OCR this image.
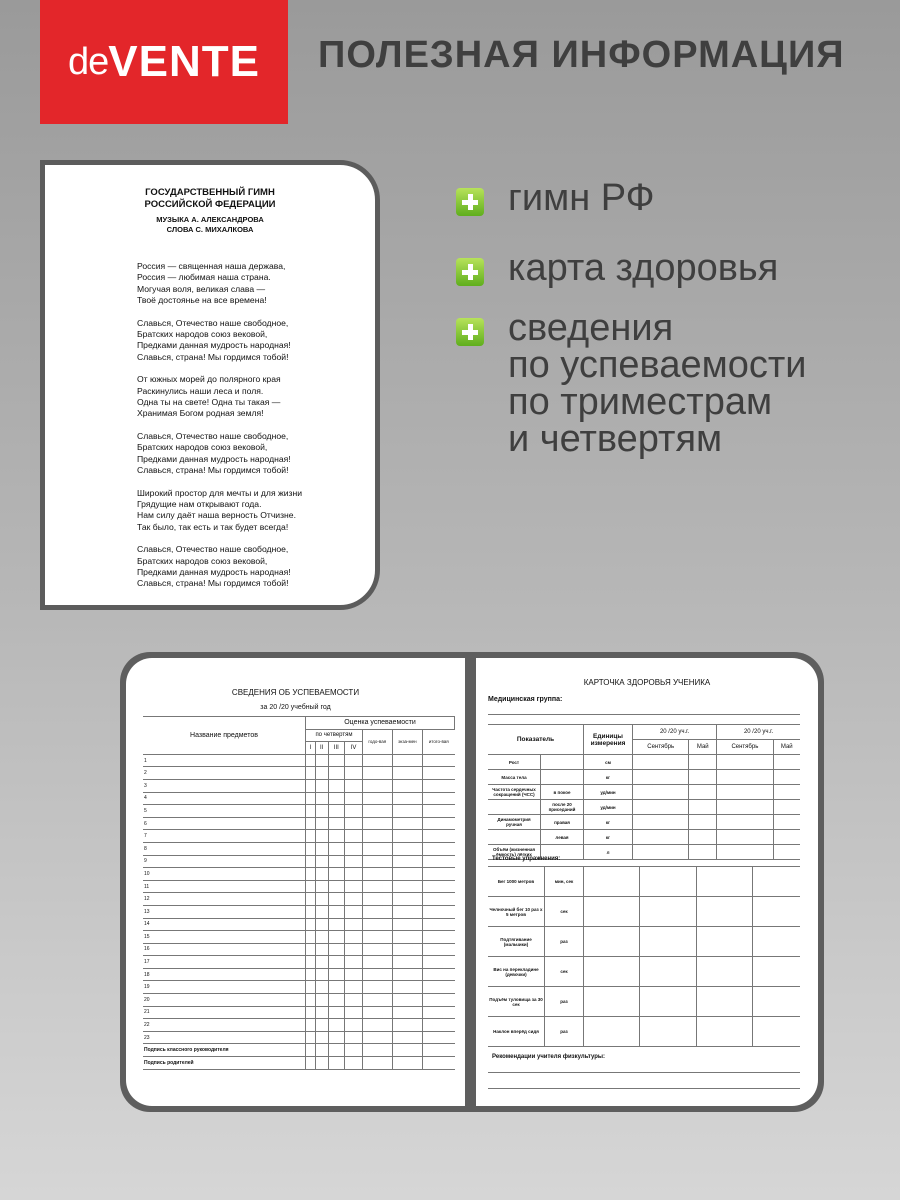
de VENTE ПОЛЕЗНАЯ ИНФОРМАЦИЯ
ГОСУДАРСТВЕННЫЙ ГИМН
РОССИЙСКОЙ ФЕДЕРАЦИИ
МУЗЫКА А. АЛЕКСАНДРОВА
СЛОВА С. МИХАЛКОВА
Россия — священная наша держава,
Россия — любимая наша страна.
Могучая воля, великая слава —
Твоё достоянье на все времена!
Славься, Отечество наше свободное,
Братских народов союз вековой,
Предками данная мудрость народная!
Славься, страна! Мы гордимся тобой!
От южных морей до полярного края
Раскинулись наши леса и поля.
Одна ты на свете! Одна ты такая —
Хранимая Богом родная земля!
Славься, Отечество наше свободное,
Братских народов союз вековой,
Предками данная мудрость народная!
Славься, страна! Мы гордимся тобой!
Широкий простор для мечты и для жизни
Грядущие нам открывают года.
Нам силу даёт наша верность Отчизне.
Так было, так есть и так будет всегда!
Славься, Отечество наше свободное,
Братских народов союз вековой,
Предками данная мудрость народная!
Славься, страна! Мы гордимся тобой!
гимн РФ
карта здоровья
сведения
по успеваемости
по триместрам
и четвертям
СВЕДЕНИЯ ОБ УСПЕВАЕМОСТИ
за 20 /20 учебный год
Название предметов	Оценка успеваемости						
	по четвертям				годо-вая	экза-мен	итого-вая
	I	II	III	IV			
1							
2							
3							
4							
5							
6							
7							
8							
9							
10							
11							
12							
13							
14							
15							
16							
17							
18							
19							
20							
21							
22							
23							
Подпись классного руководителя							
Подпись родителей							
КАРТОЧКА ЗДОРОВЬЯ УЧЕНИКА
Медицинская группа:
Показатель		Единицы измерения	20 /20 уч.г.		20 /20 уч.г.	
			Сентябрь	Май	Сентябрь	Май
Рост		см				
Масса тела		кг				
Частота сердечных сокращений (ЧСС)	в покое	уд/мин				
	после 20 приседаний	уд/мин				
Динамометрия ручная	правая	кг				
	левая	кг				
Объём (жизненная ёмкость) лёгких		л				
Тестовые упражнения:
Бег 1000 метров	мин, сек				
Челночный бег 10 раз х 5 метров	сек				
Подтягивание (мальчики)	раз				
Вис на перекладине (девочки)	сек				
Подъём туловища за 30 сек	раз				
Наклон вперёд сидя	раз				
Рекомендации учителя физкультуры:
